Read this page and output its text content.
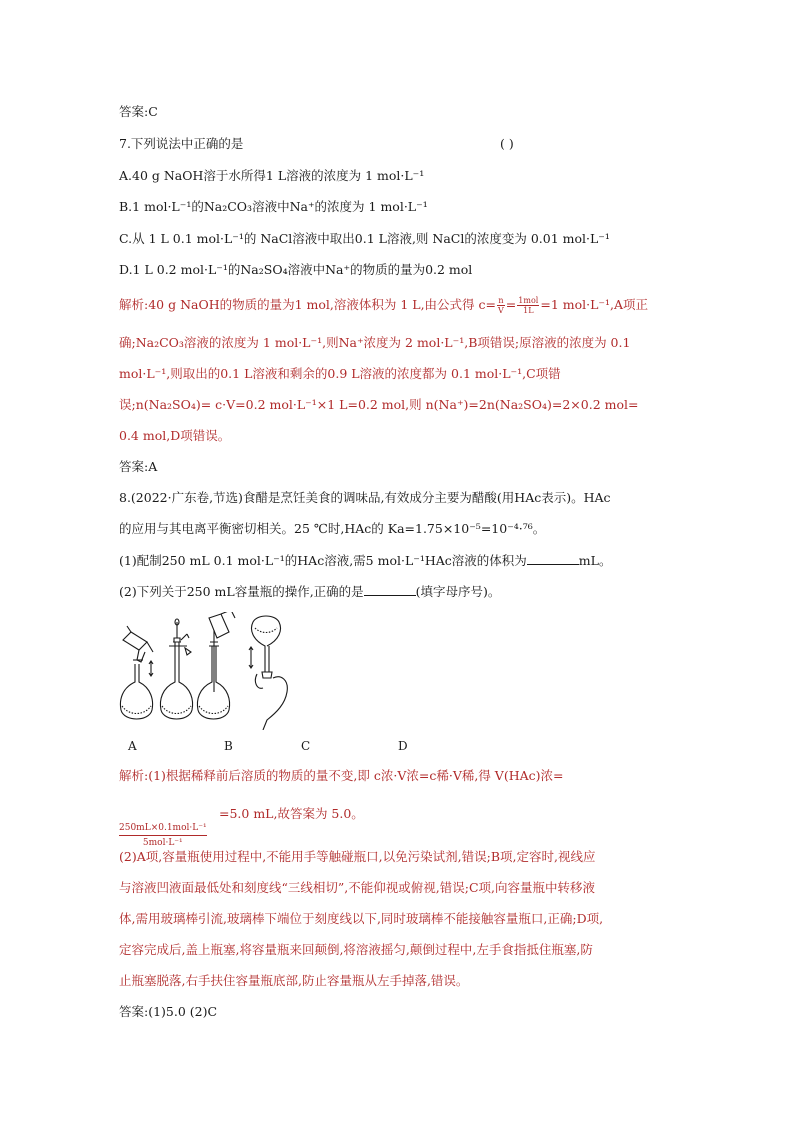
答案:C
7.下列说法中正确的是	( )
A.40 g NaOH溶于水所得1 L溶液的浓度为 1 mol·L⁻¹
B.1 mol·L⁻¹的Na₂CO₃溶液中Na⁺的浓度为 1 mol·L⁻¹
C.从 1 L 0.1 mol·L⁻¹的 NaCl溶液中取出0.1 L溶液,则 NaCl的浓度变为 0.01 mol·L⁻¹
D.1 L 0.2 mol·L⁻¹的Na₂SO₄溶液中Na⁺的物质的量为0.2 mol
解析:40 g NaOH的物质的量为1 mol,溶液体积为 1 L,由公式得 $c= \frac{n}{V} = \frac{\text{1mol}}{1L} =1$ mol·L⁻¹,A项正
确;Na₂CO₃溶液的浓度为 1 mol·L⁻¹,则Na⁺浓度为 2 mol·L⁻¹,B项错误;原溶液的浓度为 0.1
mol·L⁻¹,则取出的0.1 L溶液和剩余的0.9 L溶液的浓度都为 0.1 mol·L⁻¹,C项错
误;n(Na₂SO₄)= c·V=0.2 mol·L⁻¹×1 L=0.2 mol,则 n(Na⁺)=2n(Na₂SO₄)=2×0.2 mol=
0.4 mol,D项错误。
答案:A
8.(2022·广东卷,节选)食醋是烹饪美食的调味品,有效成分主要为醋酸(用HAc表示)。HAc
的应用与其电离平衡密切相关。25 ℃时,HAc的 Ka=1.75×10⁻⁵=10⁻⁴·⁷⁶。
(1)配制250 mL 0.1 mol·L⁻¹的HAc溶液,需5 mol·L⁻¹HAc溶液的体积为	mL。
(2)下列关于250 mL容量瓶的操作,正确的是	(填字母序号)。
A	B	C	D
解析:(1)根据稀释前后溶质的物质的量不变,即 c浓·V浓=c稀·V稀,得 V(HAc)浓=
250mL×0.1mol·L⁻¹
5mol·L⁻¹
=5.0 mL,故答案为 5.0。
(2)A项,容量瓶使用过程中,不能用手等触碰瓶口,以免污染试剂,错误;B项,定容时,视线应
与溶液凹液面最低处和刻度线“三线相切”,不能仰视或俯视,错误;C项,向容量瓶中转移液
体,需用玻璃棒引流,玻璃棒下端位于刻度线以下,同时玻璃棒不能接触容量瓶口,正确;D项,
定容完成后,盖上瓶塞,将容量瓶来回颠倒,将溶液摇匀,颠倒过程中,左手食指抵住瓶塞,防
止瓶塞脱落,右手扶住容量瓶底部,防止容量瓶从左手掉落,错误。
答案:(1)5.0 (2)C
